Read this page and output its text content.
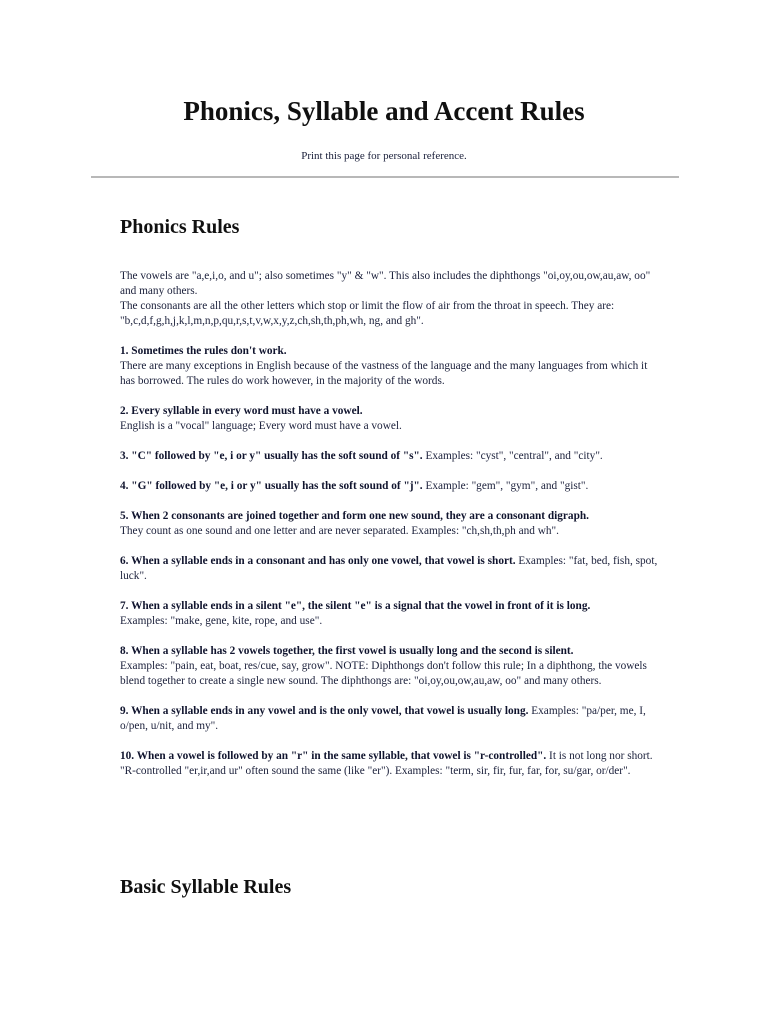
Phonics, Syllable and Accent Rules

Print this page for personal reference.

Phonics Rules

The vowels are "a,e,i,o, and u"; also sometimes "y" & "w". This also includes the diphthongs "oi,oy,ou,ow,au,aw, oo" and many others.
The consonants are all the other letters which stop or limit the flow of air from the throat in speech. They are: "b,c,d,f,g,h,j,k,l,m,n,p,qu,r,s,t,v,w,x,y,z,ch,sh,th,ph,wh, ng, and gh".

1. Sometimes the rules don't work.
There are many exceptions in English because of the vastness of the language and the many languages from which it has borrowed. The rules do work however, in the majority of the words.

2. Every syllable in every word must have a vowel.
English is a "vocal" language; Every word must have a vowel.

3. "C" followed by "e, i or y" usually has the soft sound of "s". Examples: "cyst", "central", and "city".

4. "G" followed by "e, i or y" usually has the soft sound of "j". Example: "gem", "gym", and "gist".

5. When 2 consonants are joined together and form one new sound, they are a consonant digraph.
They count as one sound and one letter and are never separated. Examples: "ch,sh,th,ph and wh".

6. When a syllable ends in a consonant and has only one vowel, that vowel is short. Examples: "fat, bed, fish, spot, luck".

7. When a syllable ends in a silent "e", the silent "e" is a signal that the vowel in front of it is long.
Examples: "make, gene, kite, rope, and use".

8. When a syllable has 2 vowels together, the first vowel is usually long and the second is silent.
Examples: "pain, eat, boat, res/cue, say, grow". NOTE: Diphthongs don't follow this rule; In a diphthong, the vowels blend together to create a single new sound. The diphthongs are: "oi,oy,ou,ow,au,aw, oo" and many others.

9. When a syllable ends in any vowel and is the only vowel, that vowel is usually long. Examples: "pa/per, me, I, o/pen, u/nit, and my".

10. When a vowel is followed by an "r" in the same syllable, that vowel is "r-controlled". It is not long nor short. "R-controlled "er,ir,and ur" often sound the same (like "er"). Examples: "term, sir, fir, fur, far, for, su/gar, or/der".

Basic Syllable Rules
